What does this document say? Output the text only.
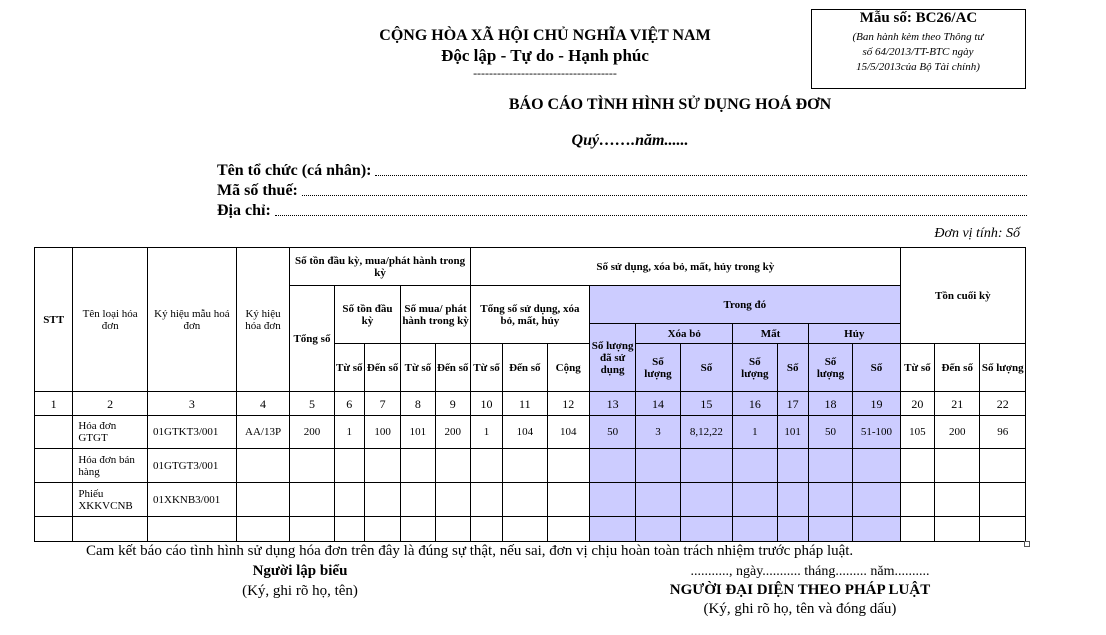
Mẫu số: BC26/AC
(Ban hành kèm theo Thông tư
số 64/2013/TT-BTC ngày
15/5/2013của Bộ Tài chính)
CỘNG HÒA XÃ HỘI CHỦ NGHĨA VIỆT NAM
Độc lập - Tự do - Hạnh phúc
------------------------------------
BÁO CÁO TÌNH HÌNH SỬ DỤNG HOÁ ĐƠN
Quý…….năm......
Tên tổ chức (cá nhân):
Mã số thuế:
Địa chỉ:
Đơn vị tính: Số
STT	Tên loại hóa đơn	Ký hiệu mẫu hoá đơn	Ký hiệu hóa đơn	Số tồn đầu kỳ, mua/phát hành trong kỳ					Số sử dụng, xóa bỏ, mất, hủy trong kỳ										Tồn cuối kỳ		
				Tổng số	Số tồn đầu kỳ		Số mua/ phát hành trong kỳ		Tổng số sử dụng, xóa bỏ, mất, hủy			Trong đó									
												Số lượng đã sử dụng	Xóa bỏ		Mất		Hủy				
					Từ số	Đến số	Từ số	Đến số	Từ số	Đến số	Cộng		Số lượng	Số	Số lượng	Số	Số lượng	Số	Từ số	Đến số	Số lượng
1	2	3	4	5	6	7	8	9	10	11	12	13	14	15	16	17	18	19	20	21	22
	Hóa đơn GTGT	01GTKT3/001	AA/13P	200	1	100	101	200	1	104	104	50	3	8,12,22	1	101	50	51-100	105	200	96
	Hóa đơn bán hàng	01GTGT3/001																			
	Phiếu XKKVCNB	01XKNB3/001																			

Cam kết báo cáo tình hình sử dụng hóa đơn trên đây là đúng sự thật, nếu sai, đơn vị chịu hoàn toàn trách nhiệm trước pháp luật.
Người lập biểu
(Ký, ghi rõ họ, tên)
..........., ngày........... tháng......... năm..........
NGƯỜI ĐẠI DIỆN THEO PHÁP LUẬT
(Ký, ghi rõ họ, tên và đóng dấu)
